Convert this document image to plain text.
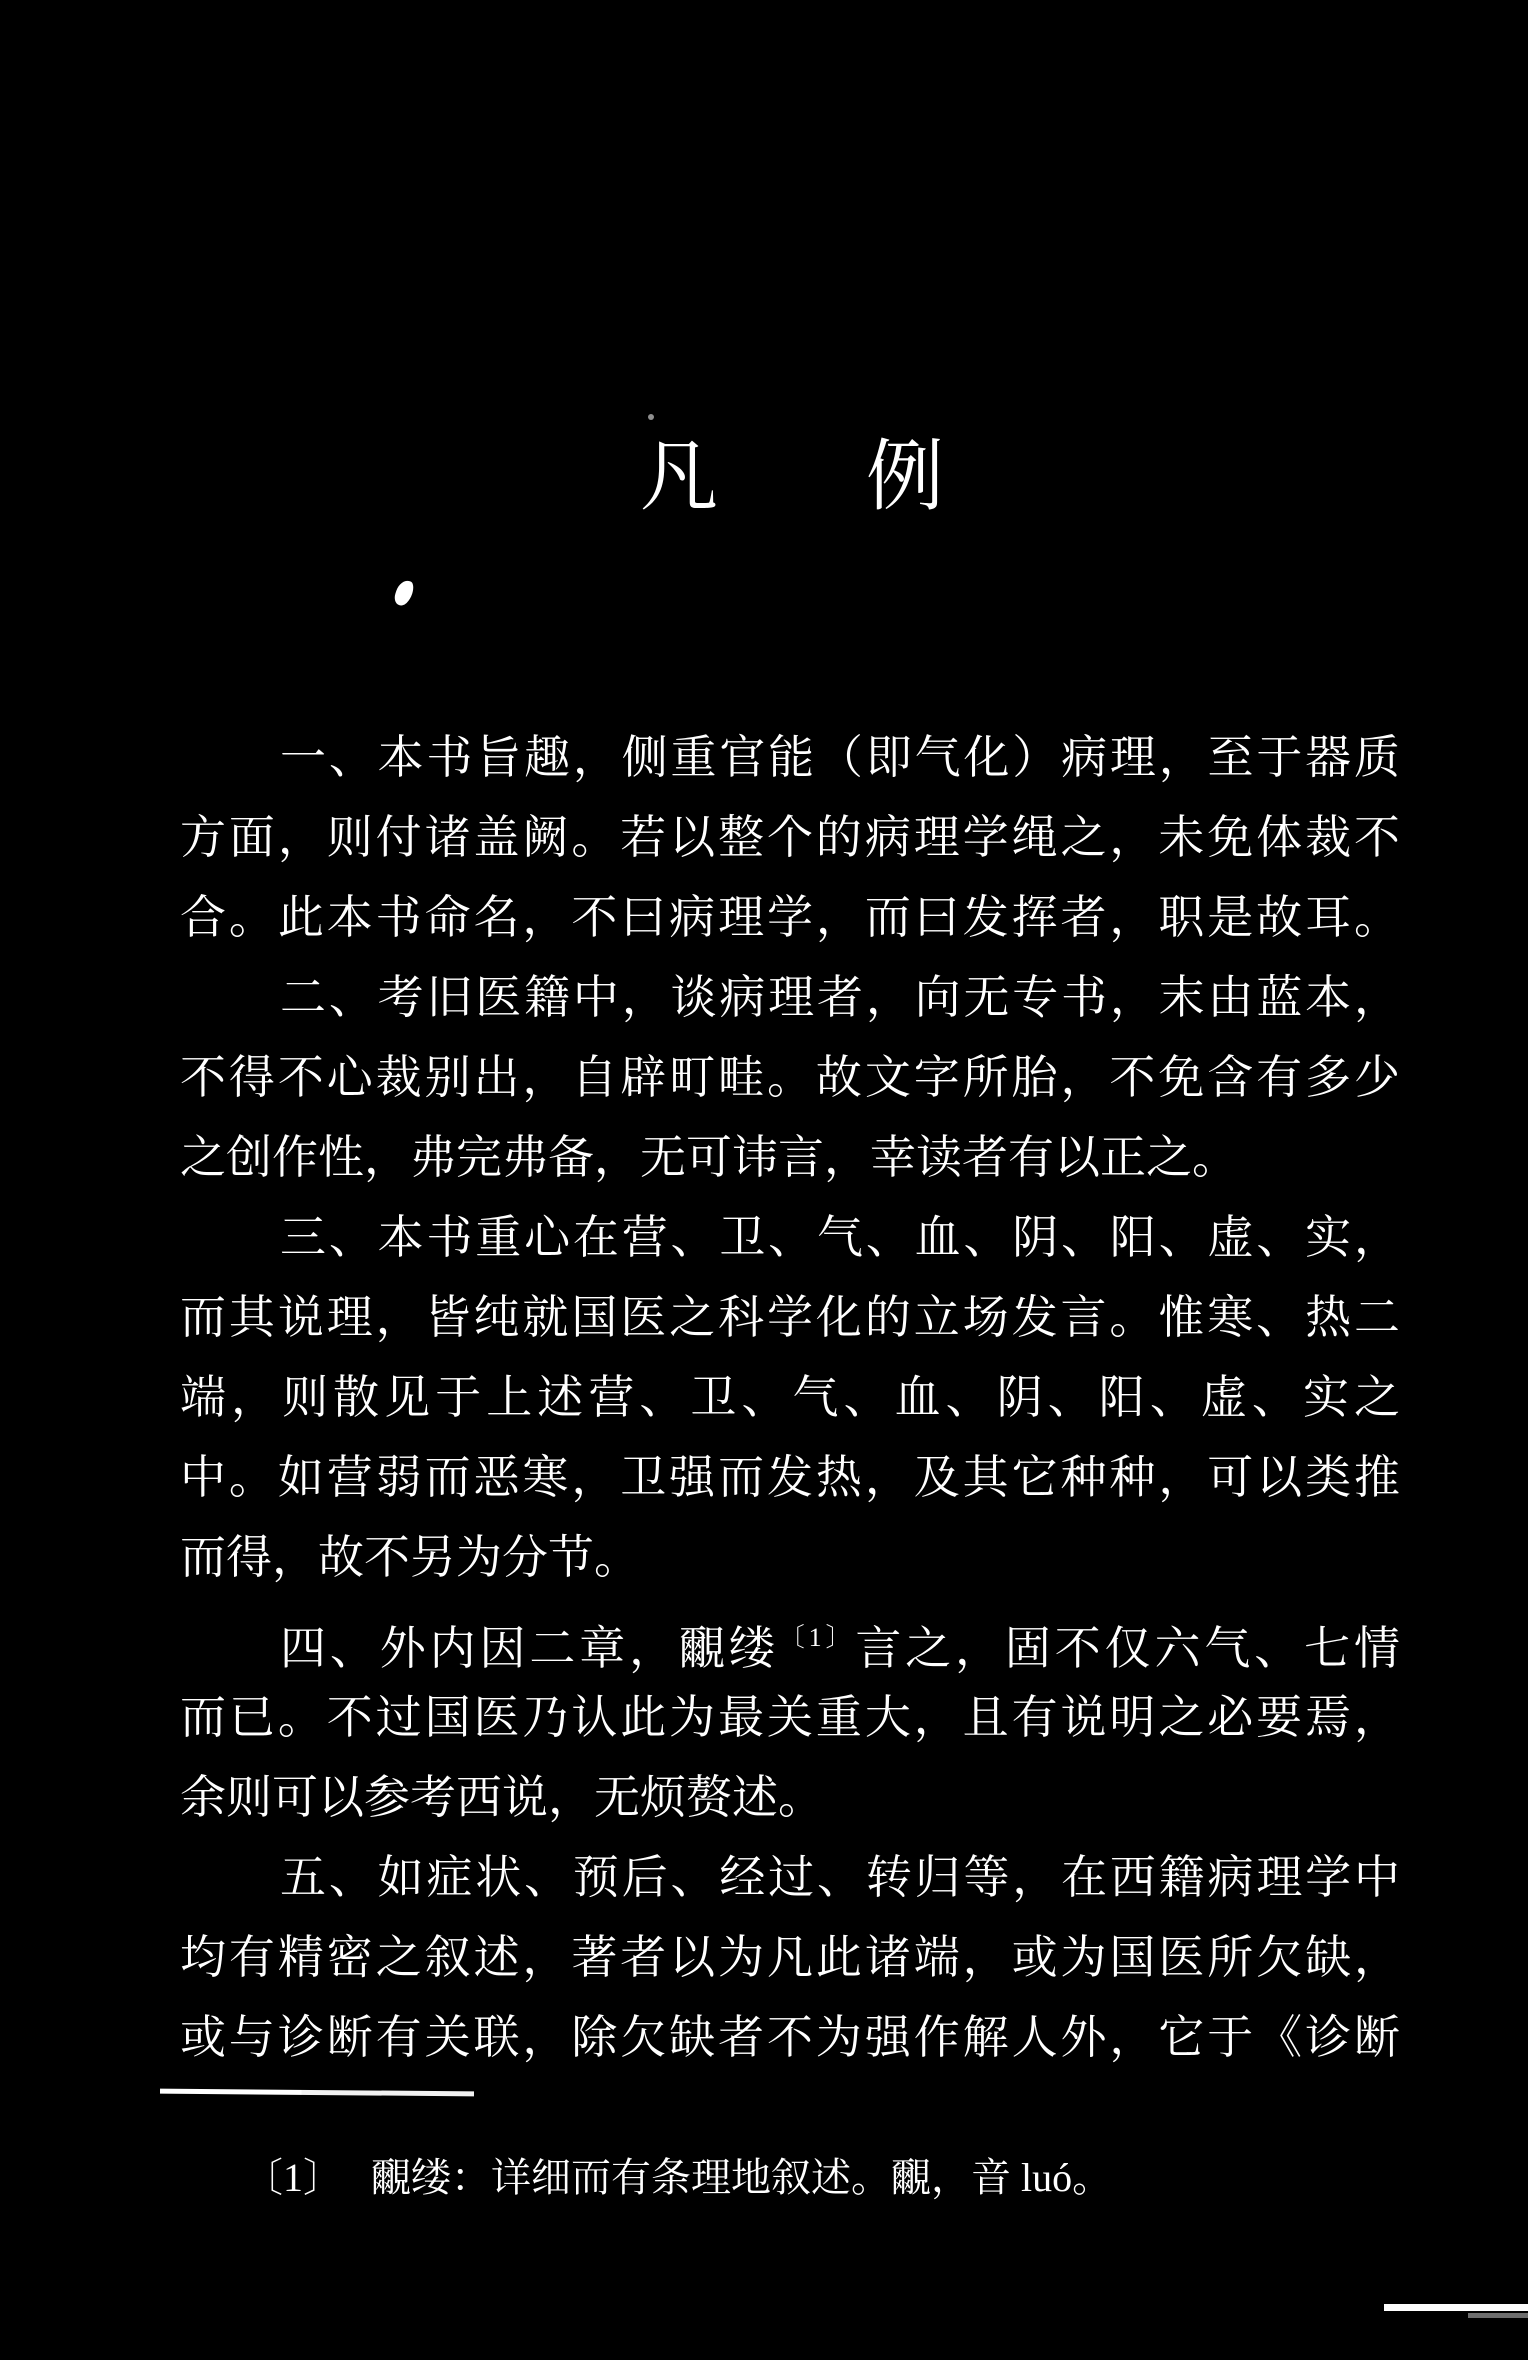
凡 例
一、本书旨趣，侧重官能（即气化）病理，至于器质
方面，则付诸盖阙。若以整个的病理学绳之，未免体裁不
合。此本书命名，不曰病理学，而曰发挥者，职是故耳。
二、考旧医籍中，谈病理者，向无专书，末由蓝本，
不得不心裁别出，自辟町畦。故文字所胎，不免含有多少
之创作性，弗完弗备，无可讳言，幸读者有以正之。
三、本书重心在营、卫、气、血、阴、阳、虚、实，
而其说理，皆纯就国医之科学化的立场发言。惟寒、热二
端，则散见于上述营、卫、气、血、阴、阳、虚、实之
中。如营弱而恶寒，卫强而发热，及其它种种，可以类推
而得，故不另为分节。
四、外内因二章，覼缕$^{〔1〕}$言之，固不仅六气、七情
而已。不过国医乃认此为最关重大，且有说明之必要焉，
余则可以参考西说，无烦赘述。
五、如症状、预后、经过、转归等，在西籍病理学中
均有精密之叙述，著者以为凡此诸端，或为国医所欠缺，
或与诊断有关联，除欠缺者不为强作解人外，它于《诊断
〔1〕 覼缕：详细而有条理地叙述。覼，音 luó。
